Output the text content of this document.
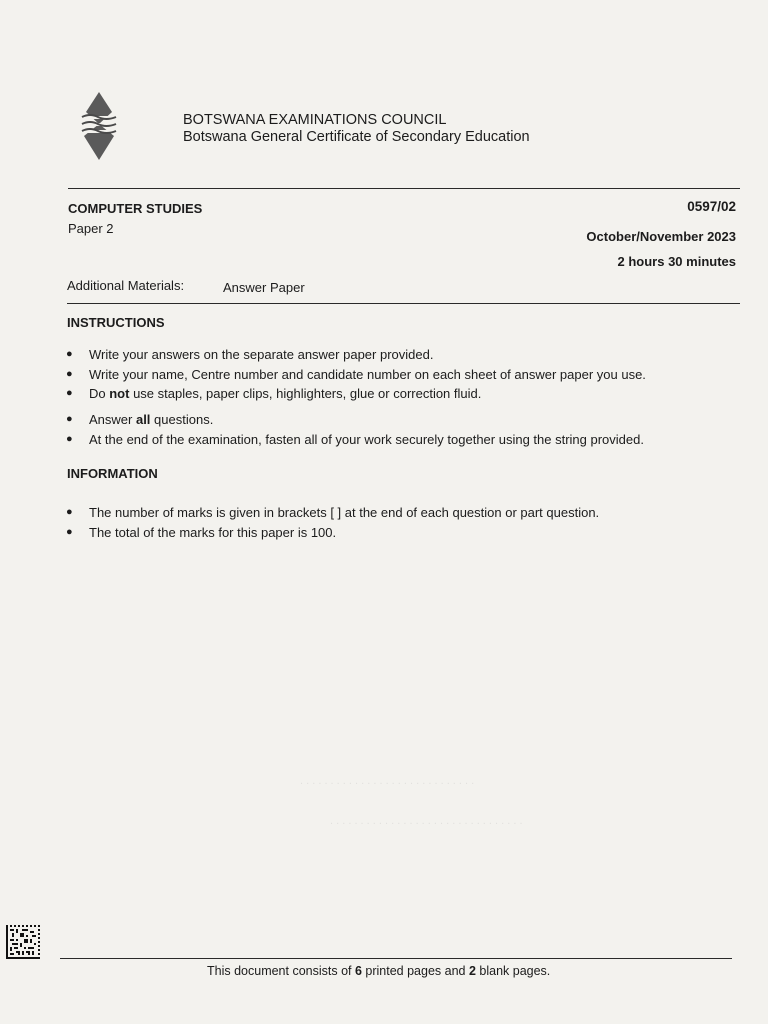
. . . . . . . . . . . . . . . . . . . . . . . . . . . . .
. . . . . . . . . . . . . . . . . . . . . . . . . . . . . . . .
BOTSWANA EXAMINATIONS COUNCIL
Botswana General Certificate of Secondary Education
COMPUTER STUDIES
Paper 2
0597/02
October/November 2023
2 hours 30 minutes
Additional Materials:	Answer Paper
INSTRUCTIONS
● Write your answers on the separate answer paper provided.
● Write your name, Centre number and candidate number on each sheet of answer paper you use.
● Do not use staples, paper clips, highlighters, glue or correction fluid.
● Answer all questions.
● At the end of the examination, fasten all of your work securely together using the string provided.
INFORMATION
● The number of marks is given in brackets [ ] at the end of each question or part question.
● The total of the marks for this paper is 100.
This document consists of 6 printed pages and 2 blank pages.
